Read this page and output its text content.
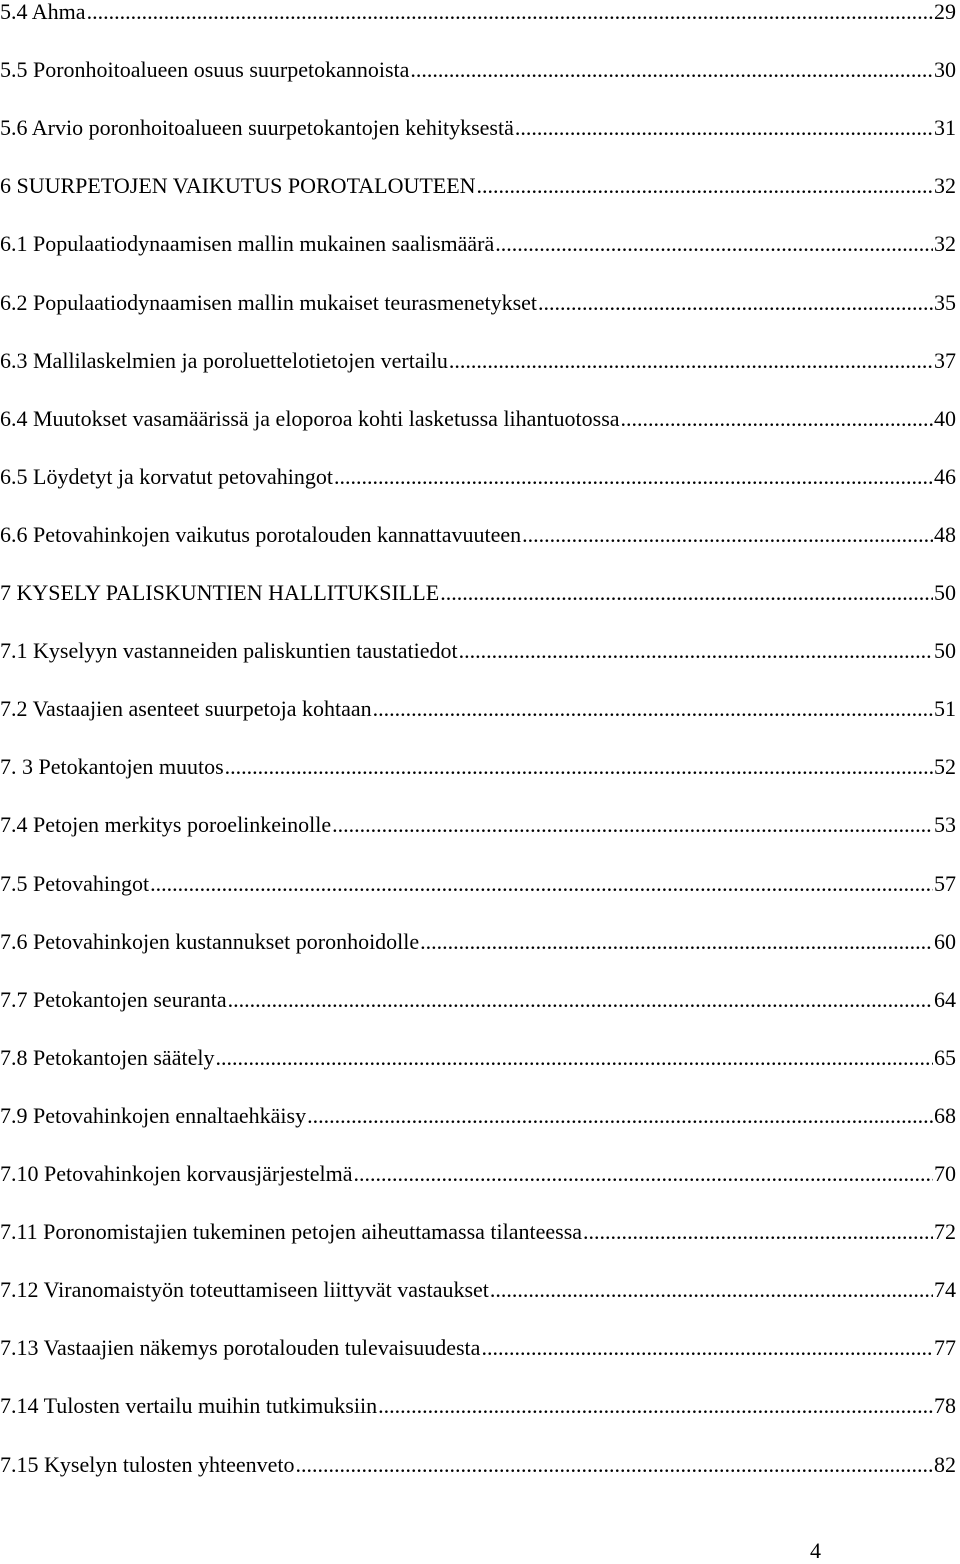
5.4 Ahma .....	29
5.5 Poronhoitoalueen osuus suurpetokannoista .....	30
5.6 Arvio poronhoitoalueen suurpetokantojen kehityksestä .....	31
6 SUURPETOJEN VAIKUTUS POROTALOUTEEN .....	32
6.1 Populaatiodynaamisen mallin mukainen saalismäärä .....	32
6.2 Populaatiodynaamisen mallin mukaiset teurasmenetykset .....	35
6.3 Mallilaskelmien ja poroluettelotietojen vertailu .....	37
6.4 Muutokset vasamäärissä ja eloporoa kohti lasketussa lihantuotossa .....	40
6.5 Löydetyt ja korvatut petovahingot .....	46
6.6 Petovahinkojen vaikutus porotalouden kannattavuuteen .....	48
7 KYSELY PALISKUNTIEN HALLITUKSILLE .....	50
7.1 Kyselyyn vastanneiden paliskuntien taustatiedot .....	50
7.2 Vastaajien asenteet suurpetoja kohtaan .....	51
7. 3 Petokantojen muutos .....	52
7.4 Petojen merkitys poroelinkeinolle .....	53
7.5 Petovahingot .....	57
7.6 Petovahinkojen kustannukset poronhoidolle .....	60
7.7 Petokantojen seuranta .....	64
7.8 Petokantojen säätely .....	65
7.9 Petovahinkojen ennaltaehkäisy .....	68
7.10 Petovahinkojen korvausjärjestelmä .....	70
7.11 Poronomistajien tukeminen petojen aiheuttamassa tilanteessa .....	72
7.12 Viranomaistyön toteuttamiseen liittyvät vastaukset .....	74
7.13 Vastaajien näkemys porotalouden tulevaisuudesta .....	77
7.14 Tulosten vertailu muihin tutkimuksiin .....	78
7.15 Kyselyn tulosten yhteenveto .....	82
4
